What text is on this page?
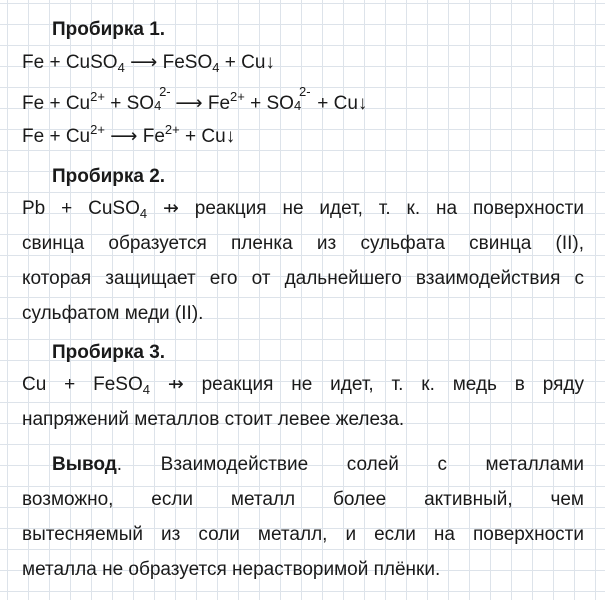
Пробирка 1.
Fe + CuSO$_4$ ⟶ FeSO$_4$ + Cu↓
$Fe + Cu^{2+}$ + SO 4
2-
⟶ $Fe^{2+}$ + SO 4
2-
+ Cu↓
$Fe + Cu^{2+}$ ⟶ $Fe^{2+}$ + Cu↓
Пробирка 2.
Pb + CuSO$_4$ ⇸ реакция не идет, т. к. на поверхности
свинца образуется пленка из сульфата свинца (II),
которая защищает его от дальнейшего взаимодействия с
сульфатом меди (II).
Пробирка 3.
Cu + FeSO$_4$ ⇸ реакция не идет, т. к. медь в ряду
напряжений металлов стоит левее железа.
Вывод. Взаимодействие солей с металлами
возможно, если металл более активный, чем
вытесняемый из соли металл, и если на поверхности
металла не образуется нерастворимой плёнки.
